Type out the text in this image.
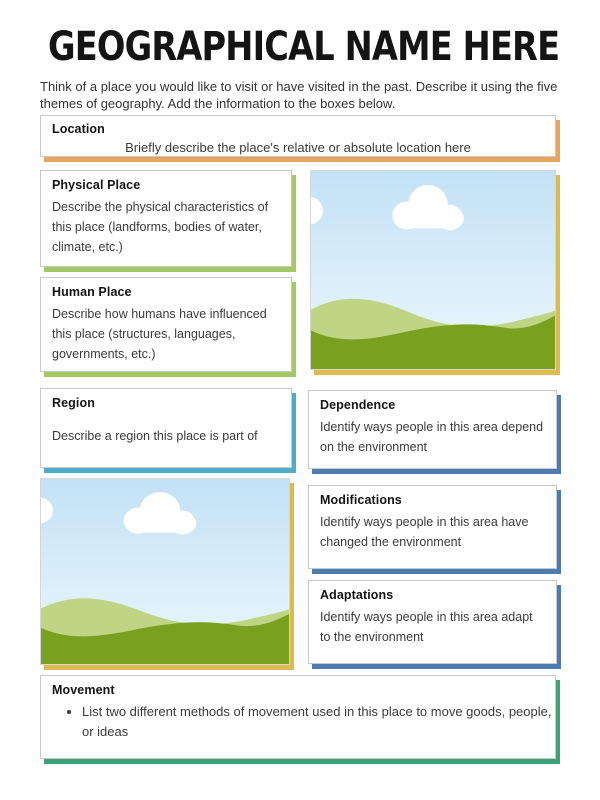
GEOGRAPHICAL NAME HERE

Think of a place you would like to visit or have visited in the past. Describe it using the five themes of geography. Add the information to the boxes below.

Location
Briefly describe the place's relative or absolute location here
Physical Place
Describe the physical characteristics of this place (landforms, bodies of water, climate, etc.)
Human Place
Describe how humans have influenced this place (structures, languages, governments, etc.)
Region
Describe a region this place is part of
Dependence
Identify ways people in this area depend on the environment
Modifications
Identify ways people in this area have changed the environment
Adaptations
Identify ways people in this area adapt to the environment
Movement
• List two different methods of movement used in this place to move goods, people, or ideas
